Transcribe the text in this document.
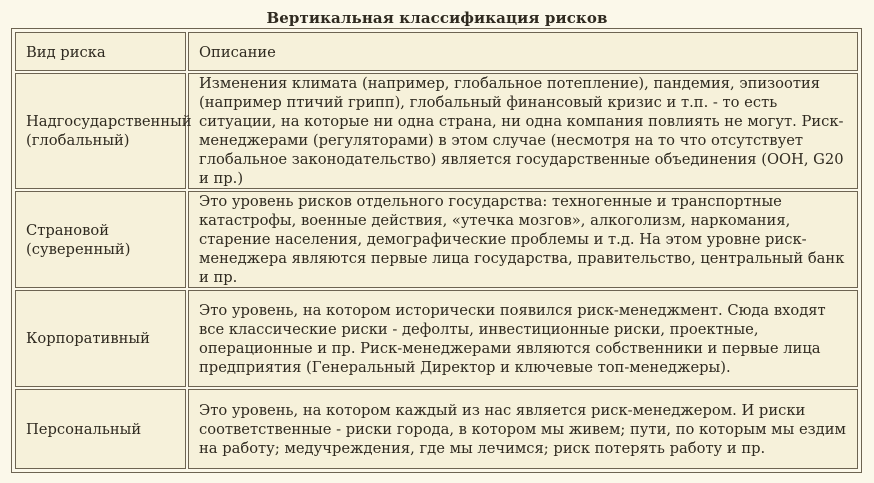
Вертикальная классификация рисков
Вид риска	Описание
Надгосударственный (глобальный)	Изменения климата (например, глобальное потепление), пандемия, эпизоотия (например птичий грипп), глобальный финансовый кризис и т.п. - то есть ситуации, на которые ни одна страна, ни одна компания повлиять не могут. Риск-менеджерами (регуляторами) в этом случае (несмотря на то что отсутствует глобальное законодательство) является государственные объединения (ООН, G20 и пр.)
Страновой (суверенный)	Это уровень рисков отдельного государства: техногенные и транспортные катастрофы, военные действия, «утечка мозгов», алкоголизм, наркомания, старение населения, демографические проблемы и т.д. На этом уровне риск-менеджера являются первые лица государства, правительство, центральный банк и пр.
Корпоративный	Это уровень, на котором исторически появился риск-менеджмент. Сюда входят все классические риски - дефолты, инвестиционные риски, проектные, операционные и пр. Риск-менеджерами являются собственники и первые лица предприятия (Генеральный Директор и ключевые топ-менеджеры).
Персональный	Это уровень, на котором каждый из нас является риск-менеджером. И риски соответственные - риски города, в котором мы живем; пути, по которым мы ездим на работу; медучреждения, где мы лечимся; риск потерять работу и пр.
